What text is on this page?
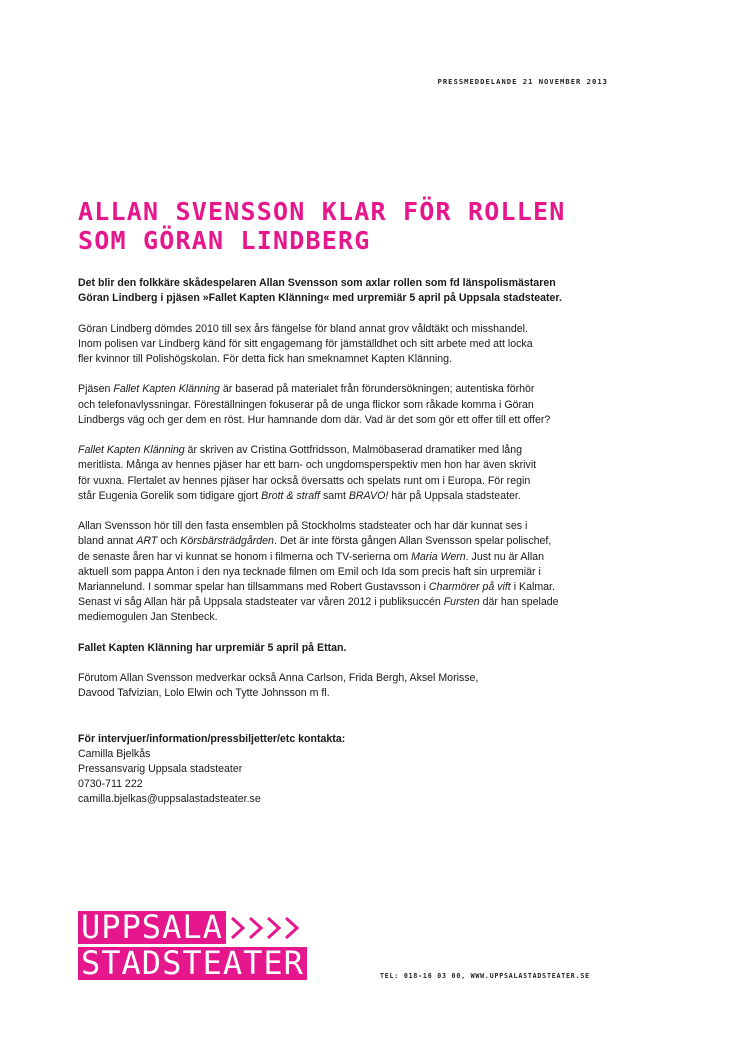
PRESSMEDDELANDE 21 NOVEMBER 2013
ALLAN SVENSSON KLAR FÖR ROLLEN
SOM GÖRAN LINDBERG

Det blir den folkkäre skådespelaren Allan Svensson som axlar rollen som fd länspolismästaren
Göran Lindberg i pjäsen »Fallet Kapten Klänning« med urpremiär 5 april på Uppsala stadsteater.

Göran Lindberg dömdes 2010 till sex års fängelse för bland annat grov våldtäkt och misshandel.
Inom polisen var Lindberg känd för sitt engagemang för jämställdhet och sitt arbete med att locka
fler kvinnor till Polishögskolan. För detta fick han smeknamnet Kapten Klänning.

Pjäsen Fallet Kapten Klänning är baserad på materialet från förundersökningen; autentiska förhör
och telefonavlyssningar. Föreställningen fokuserar på de unga flickor som råkade komma i Göran
Lindbergs väg och ger dem en röst. Hur hamnande dom där. Vad är det som gör ett offer till ett offer?

Fallet Kapten Klänning är skriven av Cristina Gottfridsson, Malmöbaserad dramatiker med lång
meritlista. Många av hennes pjäser har ett barn- och ungdomsperspektiv men hon har även skrivit
för vuxna. Flertalet av hennes pjäser har också översatts och spelats runt om i Europa. För regin
står Eugenia Gorelik som tidigare gjort Brott & straff samt BRAVO! här på Uppsala stadsteater.

Allan Svensson hör till den fasta ensemblen på Stockholms stadsteater och har där kunnat ses i
bland annat ART och Körsbärsträdgården. Det är inte första gången Allan Svensson spelar polischef,
de senaste åren har vi kunnat se honom i filmerna och TV-serierna om Maria Wern. Just nu är Allan
aktuell som pappa Anton i den nya tecknade filmen om Emil och Ida som precis haft sin urpremiär i
Mariannelund. I sommar spelar han tillsammans med Robert Gustavsson i Charmörer på vift i Kalmar.
Senast vi såg Allan här på Uppsala stadsteater var våren 2012 i publiksuccén Fursten där han spelade
mediemogulen Jan Stenbeck.

Fallet Kapten Klänning har urpremiär 5 april på Ettan.

Förutom Allan Svensson medverkar också Anna Carlson, Frida Bergh, Aksel Morisse,
Davood Tafvizian, Lolo Elwin och Tytte Johnsson m fl.

För intervjuer/information/pressbiljetter/etc kontakta:
Camilla Bjelkås
Pressansvarig Uppsala stadsteater
0730-711 222
camilla.bjelkas@uppsalastadsteater.se
UPPSALA
STADSTEATER	TEL: 018-16 03 00, WWW.UPPSALASTADSTEATER.SE
